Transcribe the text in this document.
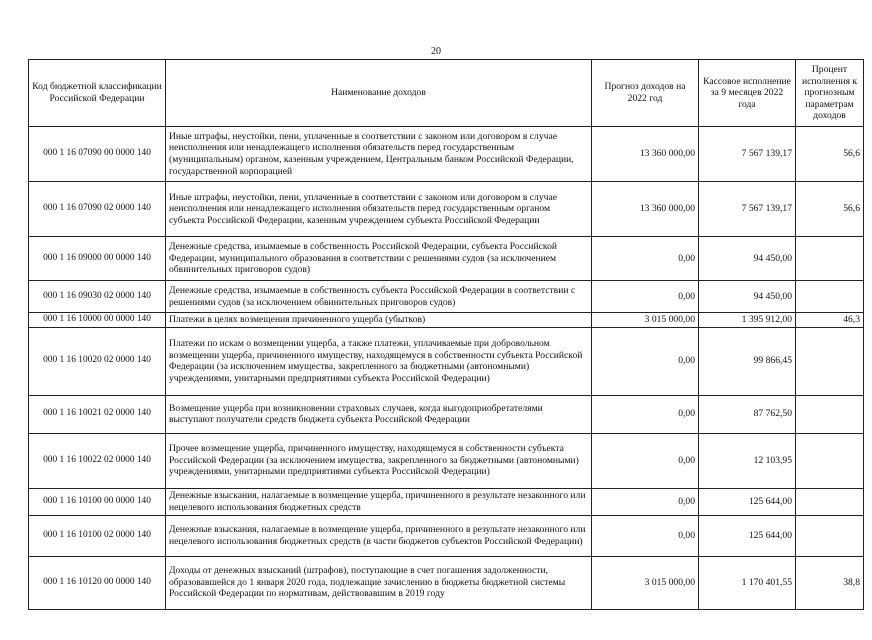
20
Код бюджетной классификации Российской Федерации	Наименование доходов	Прогноз доходов на 2022 год	Кассовое исполнение за 9 месяцев 2022 года	Процент исполнения к прогнозным параметрам доходов
000 1 16 07090 00 0000 140	Иные штрафы, неустойки, пени, уплаченные в соответствии с законом или договором в случае неисполнения или ненадлежащего исполнения обязательств перед государственным (муниципальным) органом, казенным учреждением, Центральным банком Российской Федерации, государственной корпорацией	13 360 000,00	7 567 139,17	56,6
000 1 16 07090 02 0000 140	Иные штрафы, неустойки, пени, уплаченные в соответствии с законом или договором в случае неисполнения или ненадлежащего исполнения обязательств перед государственным органом субъекта Российской Федерации, казенным учреждением субъекта Российской Федерации	13 360 000,00	7 567 139,17	56,6
000 1 16 09000 00 0000 140	Денежные средства, изымаемые в собственность Российской Федерации, субъекта Российской Федерации, муниципального образования в соответствии с решениями судов (за исключением обвинительных приговоров судов)	0,00	94 450,00	
000 1 16 09030 02 0000 140	Денежные средства, изымаемые в собственность субъекта Российской Федерации в соответствии с решениями судов (за исключением обвинительных приговоров судов)	0,00	94 450,00	
000 1 16 10000 00 0000 140	Платежи в целях возмещения причиненного ущерба (убытков)	3 015 000,00	1 395 912,00	46,3
000 1 16 10020 02 0000 140	Платежи по искам о возмещении ущерба, а также платежи, уплачиваемые при добровольном возмещении ущерба, причиненного имуществу, находящемуся в собственности субъекта Российской Федерации (за исключением имущества, закрепленного за бюджетными (автономными) учреждениями, унитарными предприятиями субъекта Российской Федерации)	0,00	99 866,45	
000 1 16 10021 02 0000 140	Возмещение ущерба при возникновении страховых случаев, когда выгодоприобретателями выступают получатели средств бюджета субъекта Российской Федерации	0,00	87 762,50	
000 1 16 10022 02 0000 140	Прочее возмещение ущерба, причиненного имуществу, находящемуся в собственности субъекта Российской Федерации (за исключением имущества, закрепленного за бюджетными (автономными) учреждениями, унитарными предприятиями субъекта Российской Федерации)	0,00	12 103,95	
000 1 16 10100 00 0000 140	Денежные взыскания, налагаемые в возмещение ущерба, причиненного в результате незаконного или нецелевого использования бюджетных средств	0,00	125 644,00	
000 1 16 10100 02 0000 140	Денежные взыскания, налагаемые в возмещение ущерба, причиненного в результате незаконного или нецелевого использования бюджетных средств (в части бюджетов субъектов Российской Федерации)	0,00	125 644,00	
000 1 16 10120 00 0000 140	Доходы от денежных взысканий (штрафов), поступающие в счет погашения задолженности, образовавшейся до 1 января 2020 года, подлежащие зачислению в бюджеты бюджетной системы Российской Федерации по нормативам, действовавшим в 2019 году	3 015 000,00	1 170 401,55	38,8
